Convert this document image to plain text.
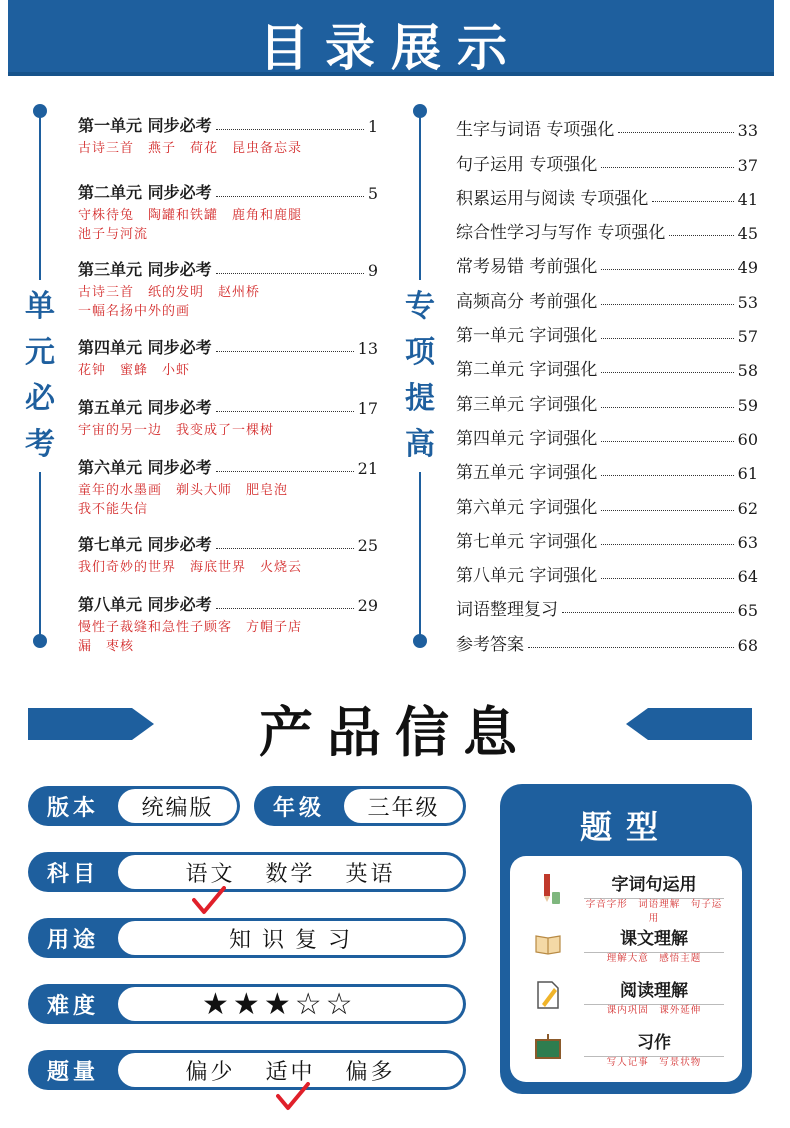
目录展示
单
元
必
考
第一单元 同步必考	1
古诗三首　燕子　荷花　昆虫备忘录
第二单元 同步必考	5
守株待兔　陶罐和铁罐　鹿角和鹿腿
池子与河流
第三单元 同步必考	9
古诗三首　纸的发明　赵州桥
一幅名扬中外的画
第四单元 同步必考	13
花钟　蜜蜂　小虾
第五单元 同步必考	17
宇宙的另一边　我变成了一棵树
第六单元 同步必考	21
童年的水墨画　剃头大师　肥皂泡
我不能失信
第七单元 同步必考	25
我们奇妙的世界　海底世界　火烧云
第八单元 同步必考	29
慢性子裁缝和急性子顾客　方帽子店
漏　枣核
专
项
提
高
生字与词语 专项强化	33
句子运用 专项强化	37
积累运用与阅读 专项强化	41
综合性学习与写作 专项强化	45
常考易错 考前强化	49
高频高分 考前强化	53
第一单元 字词强化	57
第二单元 字词强化	58
第三单元 字词强化	59
第四单元 字词强化	60
第五单元 字词强化	61
第六单元 字词强化	62
第七单元 字词强化	63
第八单元 字词强化	64
词语整理复习	65
参考答案	68
产品信息
版本	统编版	年级	三年级
科目	语文 数学 英语
用途	知 识 复 习
难度	★★★☆☆
题量	偏少 适中 偏多
题型
字词句运用
字音字形　词语理解　句子运用
课文理解
理解大意　感悟主题
阅读理解
课内巩固　课外延伸
习作
写人记事　写景状物
